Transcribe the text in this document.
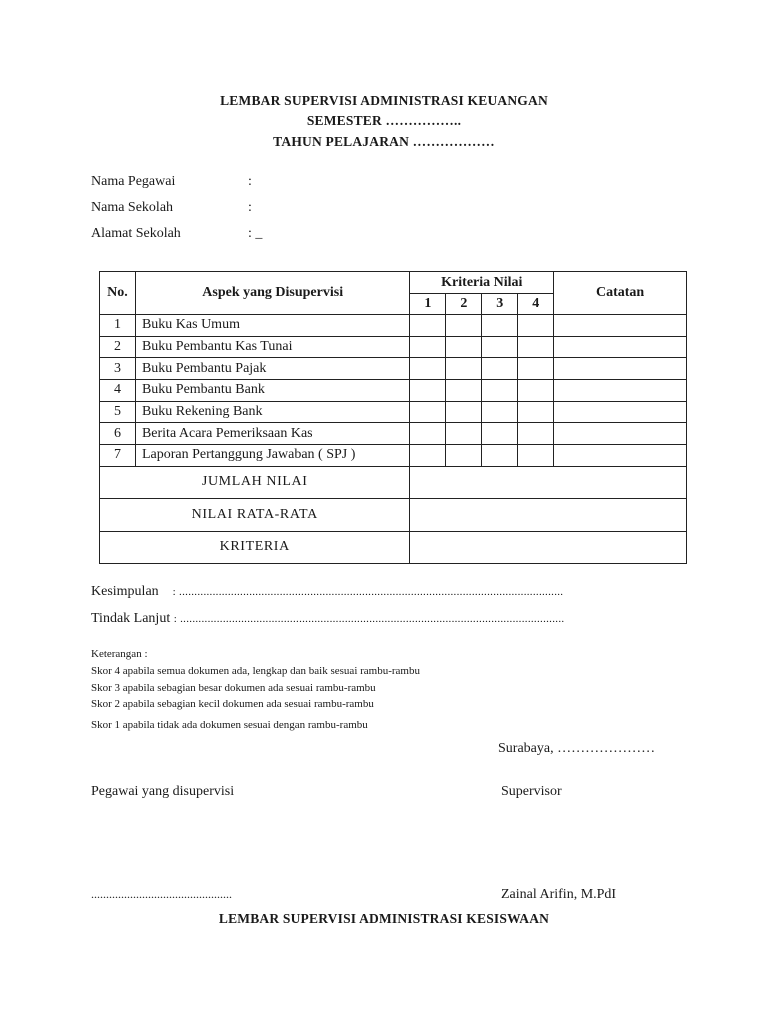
LEMBAR SUPERVISI ADMINISTRASI KEUANGAN
SEMESTER ……………..
TAHUN PELAJARAN ………………
Nama Pegawai	:
Nama Sekolah	:
Alamat Sekolah	: _
No.	Aspek yang Disupervisi	Kriteria Nilai				Catatan
		1	2	3	4	
1	Buku Kas Umum					
2	Buku Pembantu Kas Tunai					
3	Buku Pembantu Pajak					
4	Buku Pembantu Bank					
5	Buku Rekening Bank					
6	Berita Acara Pemeriksaan Kas					
7	Laporan Pertanggung Jawaban ( SPJ )					
JUMLAH NILAI						
NILAI RATA-RATA						
KRITERIA						
Kesimpulan : ..............................................................................................................................
Tindak Lanjut : ..............................................................................................................................
Keterangan :
Skor 4 apabila semua dokumen ada, lengkap dan baik sesuai rambu-rambu
Skor 3 apabila sebagian besar dokumen ada sesuai rambu-rambu
Skor 2 apabila sebagian kecil dokumen ada sesuai rambu-rambu
Skor 1 apabila tidak ada dokumen sesuai dengan rambu-rambu
Surabaya, …………………
Pegawai yang disupervisi	Supervisor
...............................................	Zainal Arifin, M.PdI
LEMBAR SUPERVISI ADMINISTRASI KESISWAAN
